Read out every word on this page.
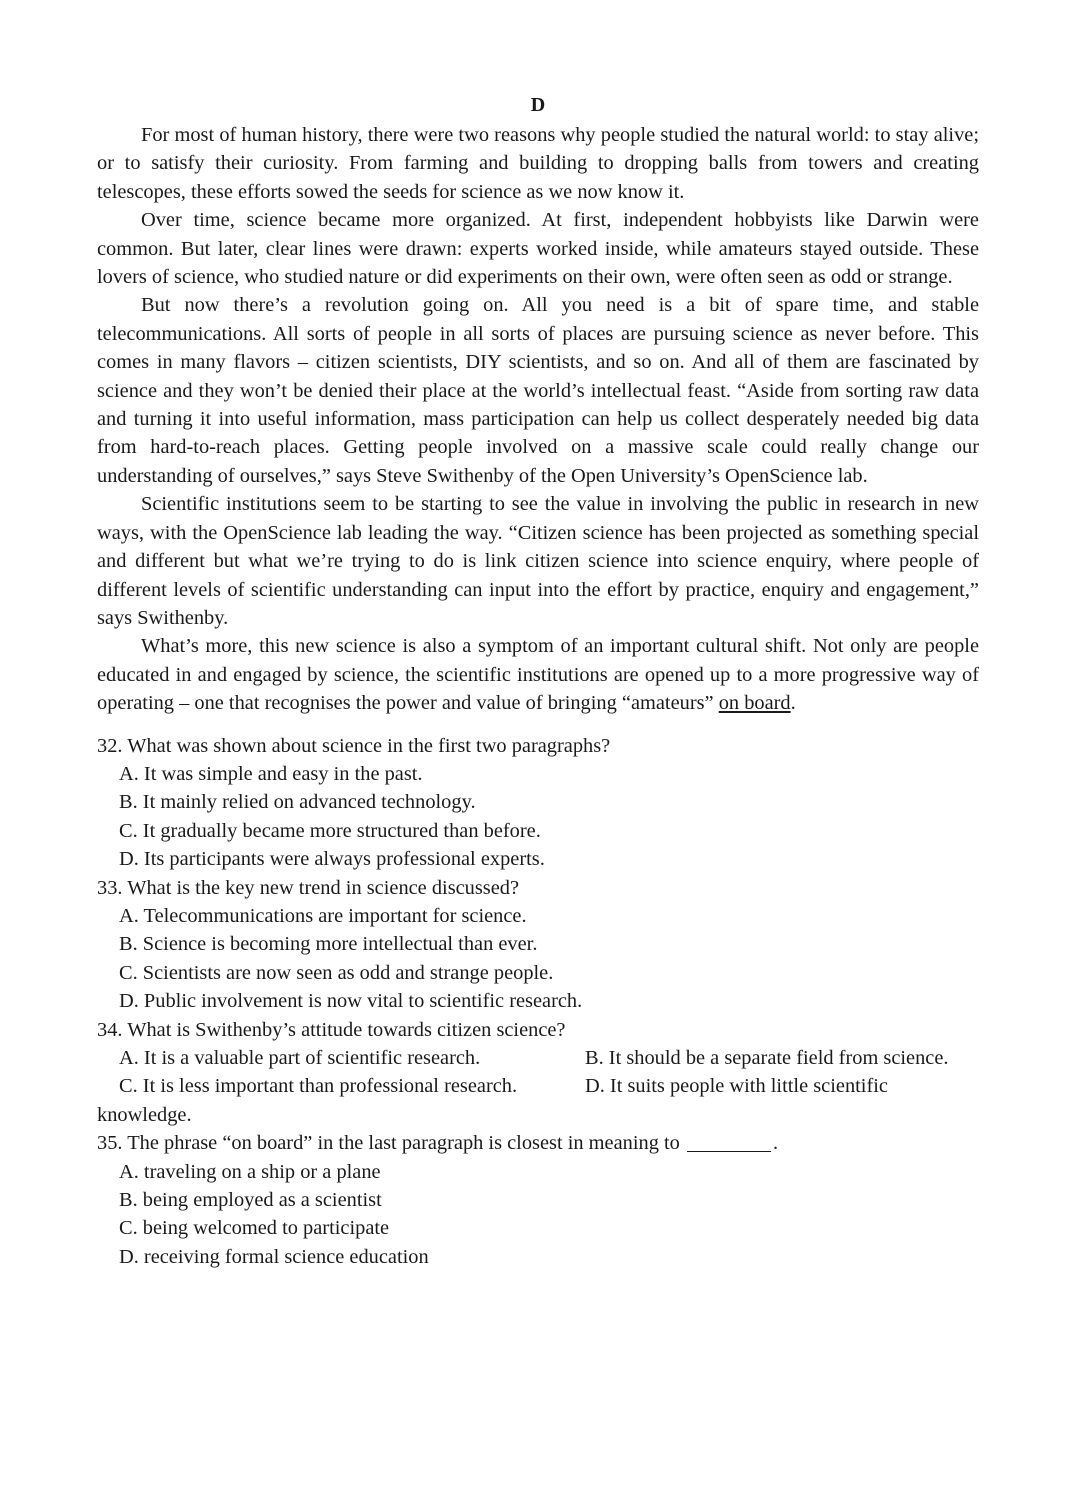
D

For most of human history, there were two reasons why people studied the natural world: to stay alive; or to satisfy their curiosity. From farming and building to dropping balls from towers and creating telescopes, these efforts sowed the seeds for science as we now know it.

Over time, science became more organized. At first, independent hobbyists like Darwin were common. But later, clear lines were drawn: experts worked inside, while amateurs stayed outside. These lovers of science, who studied nature or did experiments on their own, were often seen as odd or strange.

But now there’s a revolution going on. All you need is a bit of spare time, and stable telecommunications. All sorts of people in all sorts of places are pursuing science as never before. This comes in many flavors – citizen scientists, DIY scientists, and so on. And all of them are fascinated by science and they won’t be denied their place at the world’s intellectual feast. “Aside from sorting raw data and turning it into useful information, mass participation can help us collect desperately needed big data from hard-to-reach places. Getting people involved on a massive scale could really change our understanding of ourselves,” says Steve Swithenby of the Open University’s OpenScience lab.

Scientific institutions seem to be starting to see the value in involving the public in research in new ways, with the OpenScience lab leading the way. “Citizen science has been projected as something special and different but what we’re trying to do is link citizen science into science enquiry, where people of different levels of scientific understanding can input into the effort by practice, enquiry and engagement,” says Swithenby.

What’s more, this new science is also a symptom of an important cultural shift. Not only are people educated in and engaged by science, the scientific institutions are opened up to a more progressive way of operating – one that recognises the power and value of bringing “amateurs” on board.

32. What was shown about science in the first two paragraphs?

A. It was simple and easy in the past.

B. It mainly relied on advanced technology.

C. It gradually became more structured than before.

D. Its participants were always professional experts.

33. What is the key new trend in science discussed?

A. Telecommunications are important for science.

B. Science is becoming more intellectual than ever.

C. Scientists are now seen as odd and strange people.

D. Public involvement is now vital to scientific research.

34. What is Swithenby’s attitude towards citizen science?

A. It is a valuable part of scientific research.	B. It should be a separate field from science.
C. It is less important than professional research.	D. It suits people with little scientific

knowledge.

35. The phrase “on board” in the last paragraph is closest in meaning to	.

A. traveling on a ship or a plane

B. being employed as a scientist

C. being welcomed to participate

D. receiving formal science education
